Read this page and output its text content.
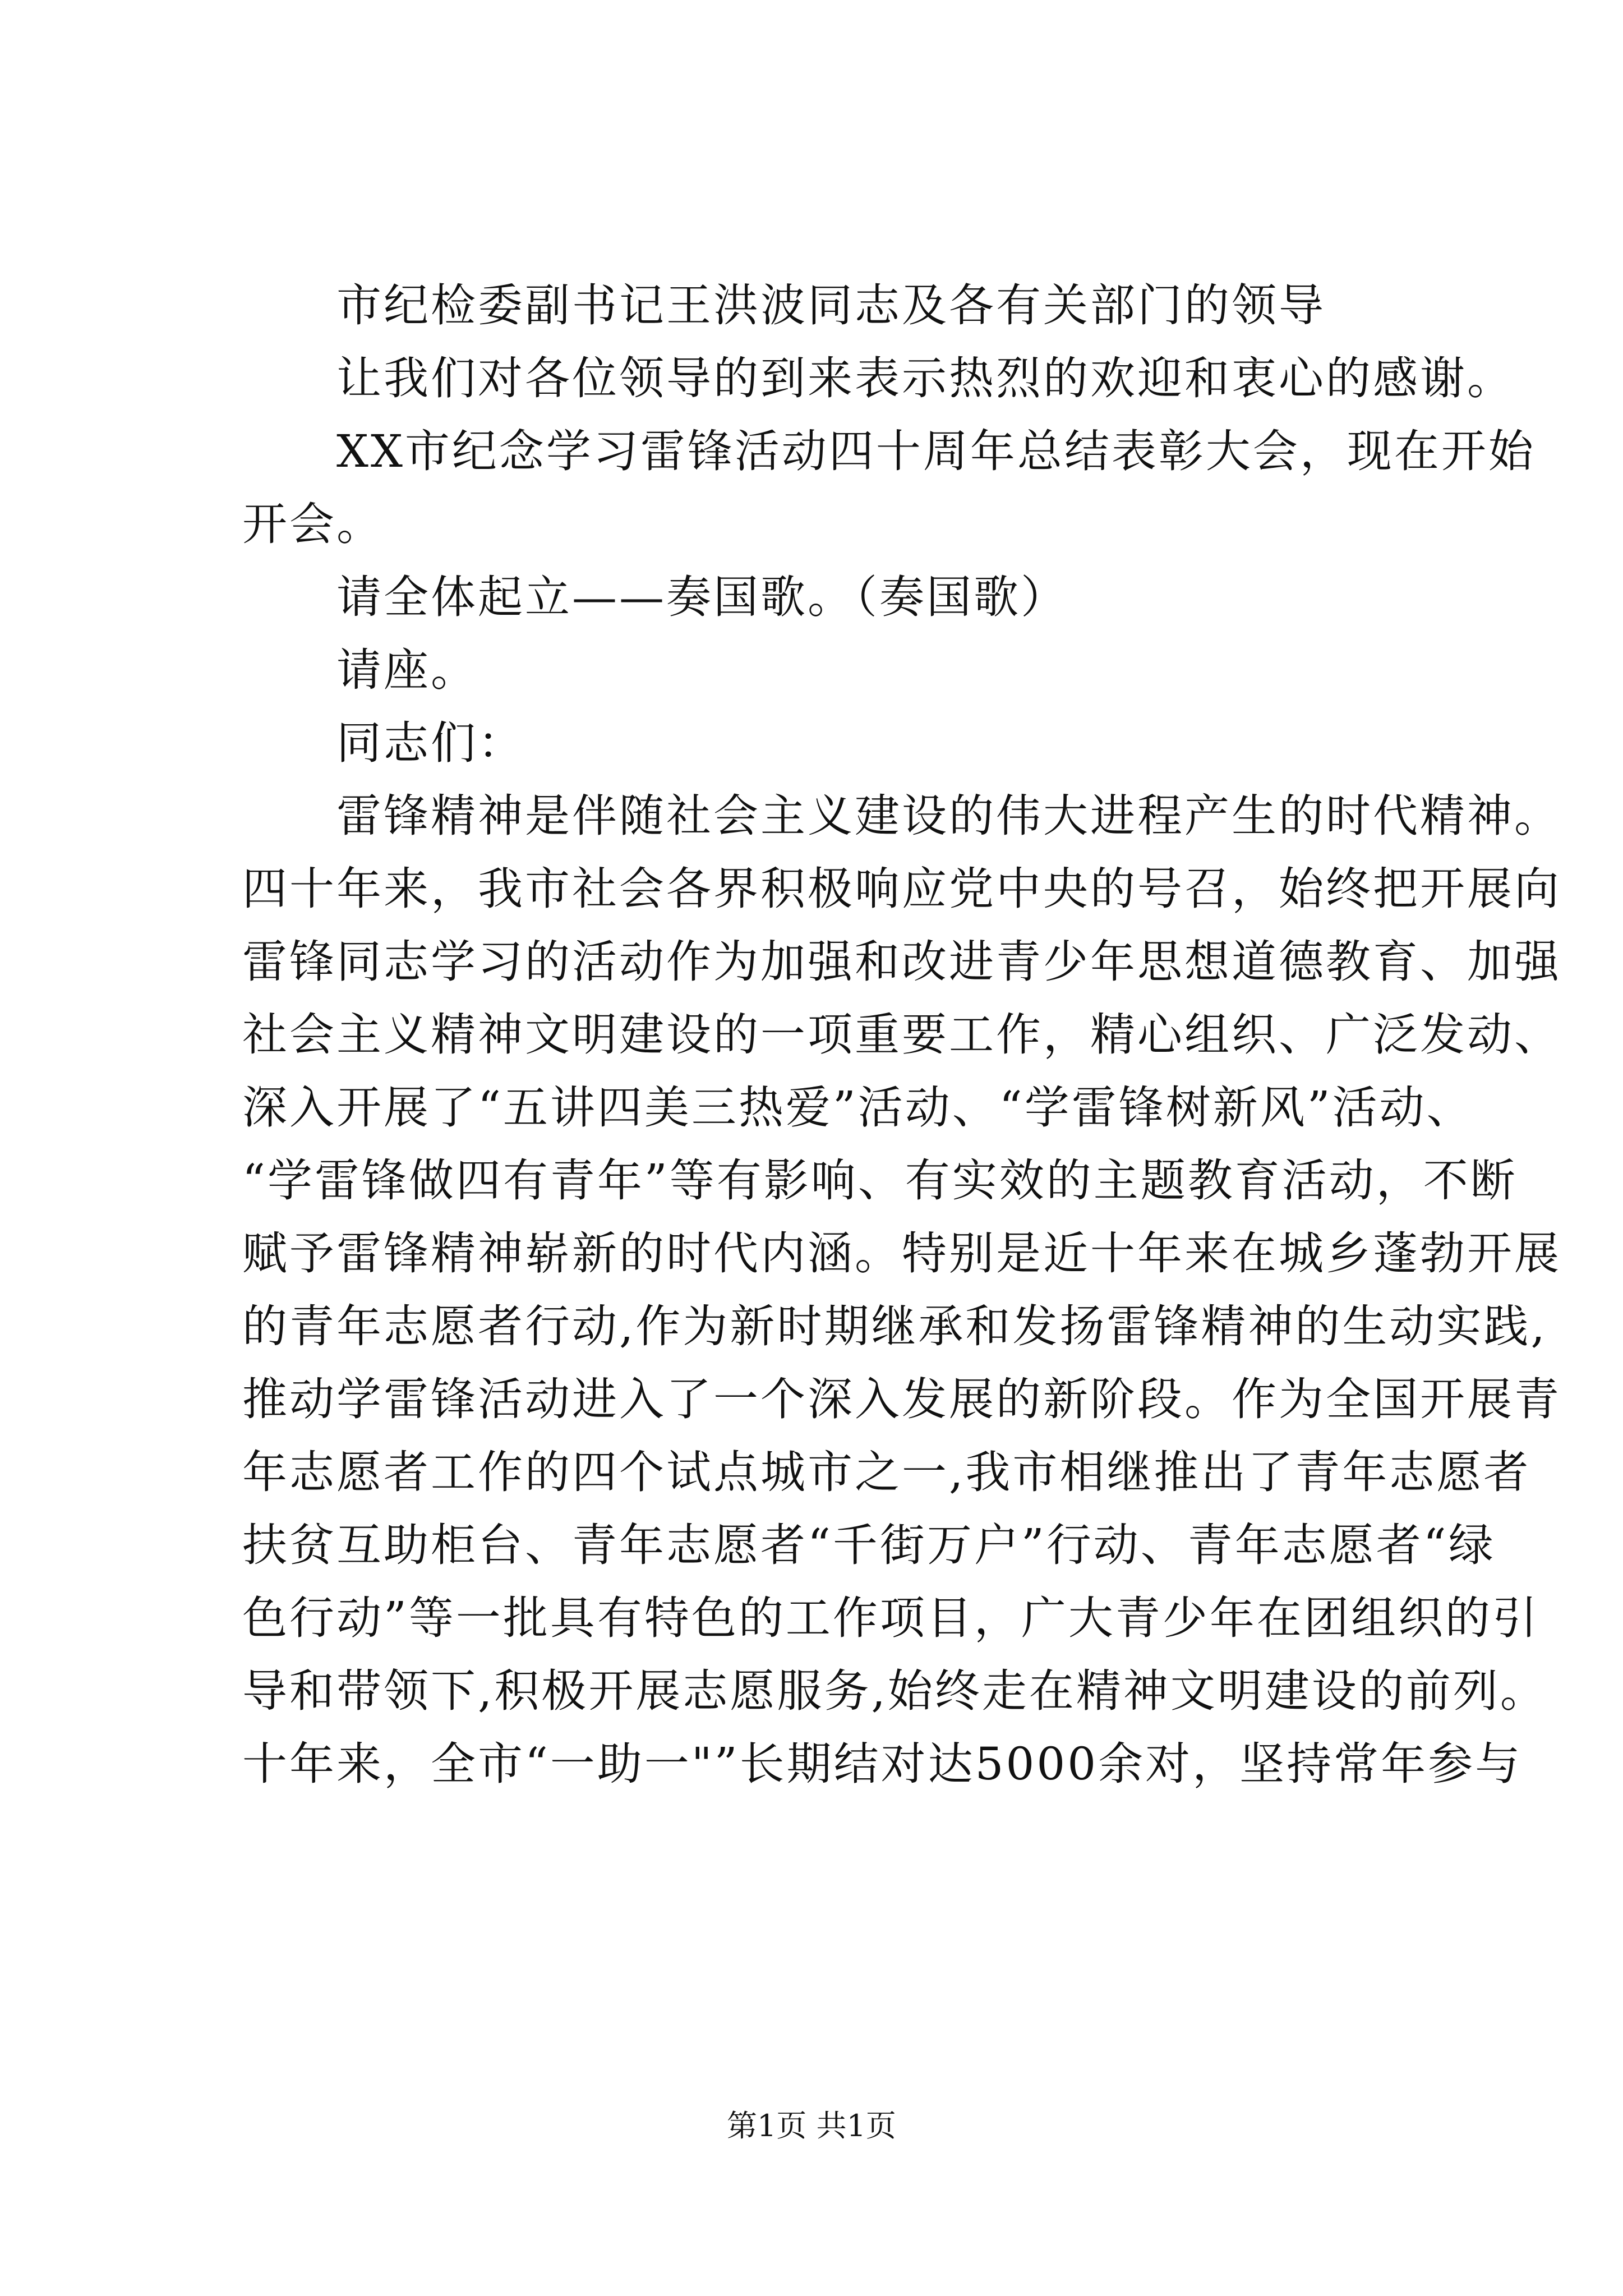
市纪检委副书记王洪波同志及各有关部门的领导
让我们对各位领导的到来表示热烈的欢迎和衷心的感谢。
XX市纪念学习雷锋活动四十周年总结表彰大会，现在开始
开会。
请全体起立——奏国歌。（奏国歌）
请座。
同志们：
雷锋精神是伴随社会主义建设的伟大进程产生的时代精神。
四十年来，我市社会各界积极响应党中央的号召，始终把开展向
雷锋同志学习的活动作为加强和改进青少年思想道德教育、加强
社会主义精神文明建设的一项重要工作，精心组织、广泛发动、
深入开展了“五讲四美三热爱”活动、“学雷锋树新风”活动、
“学雷锋做四有青年”等有影响、有实效的主题教育活动，不断
赋予雷锋精神崭新的时代内涵。特别是近十年来在城乡蓬勃开展
的青年志愿者行动,作为新时期继承和发扬雷锋精神的生动实践,
推动学雷锋活动进入了一个深入发展的新阶段。作为全国开展青
年志愿者工作的四个试点城市之一,我市相继推出了青年志愿者
扶贫互助柜台、青年志愿者“千街万户”行动、青年志愿者“绿
色行动”等一批具有特色的工作项目，广大青少年在团组织的引
导和带领下,积极开展志愿服务,始终走在精神文明建设的前列。
十年来，全市“一助一"”长期结对达5000余对，坚持常年参与
第1页 共1页
